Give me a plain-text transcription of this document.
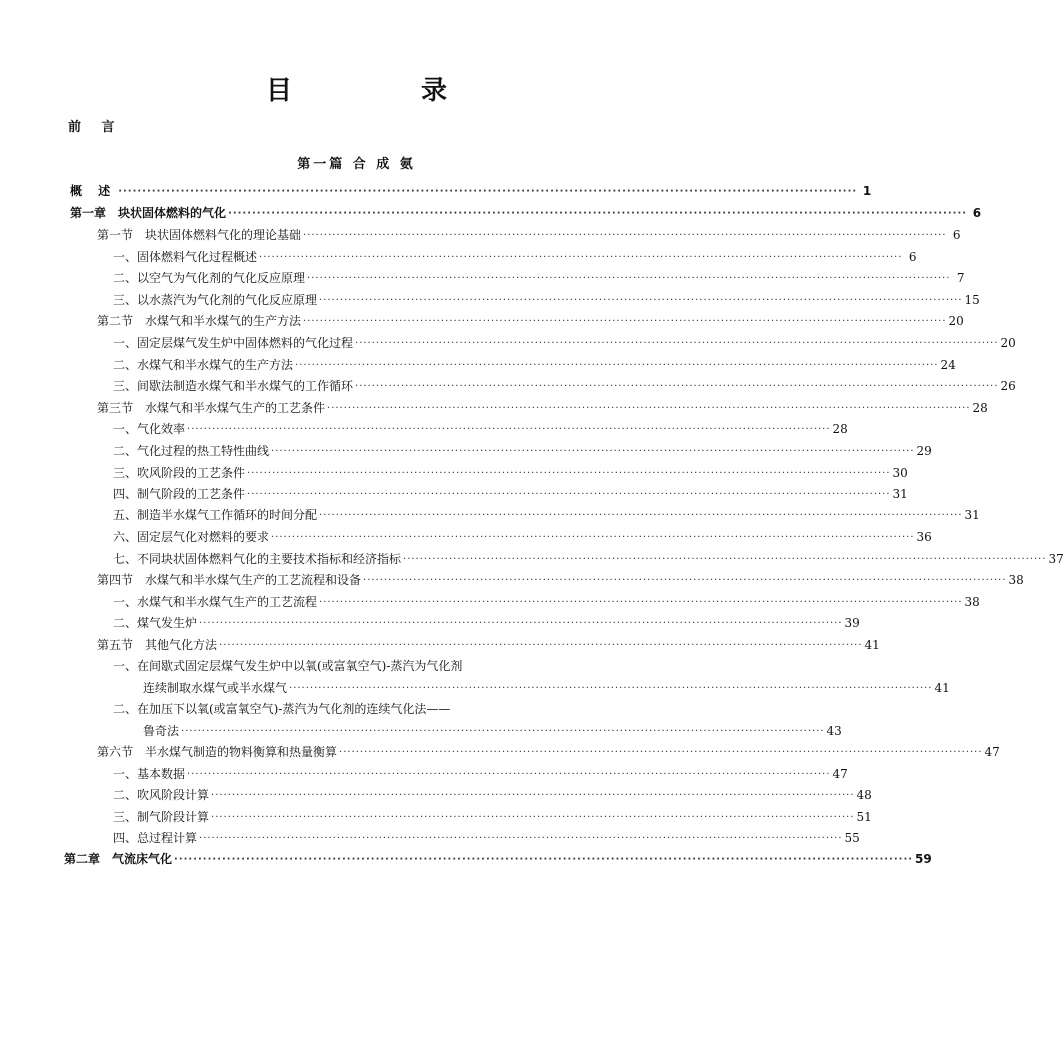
目 录
前 言
第一篇 合 成 氨
概 述 ·························································································································································· 1
第一章　块状固体燃料的气化 ·························································································································································· 6
第一节　块状固体燃料气化的理论基础 ·························································································································································· 6
一、固体燃料气化过程概述 ·························································································································································· 6
二、以空气为气化剂的气化反应原理 ·························································································································································· 7
三、以水蒸汽为气化剂的气化反应原理 ·························································································································································· 15
第二节　水煤气和半水煤气的生产方法 ·························································································································································· 20
一、固定层煤气发生炉中固体燃料的气化过程 ·························································································································································· 20
二、水煤气和半水煤气的生产方法 ·························································································································································· 24
三、间歇法制造水煤气和半水煤气的工作循环 ·························································································································································· 26
第三节　水煤气和半水煤气生产的工艺条件 ·························································································································································· 28
一、气化效率 ·························································································································································· 28
二、气化过程的热工特性曲线 ·························································································································································· 29
三、吹风阶段的工艺条件 ·························································································································································· 30
四、制气阶段的工艺条件 ·························································································································································· 31
五、制造半水煤气工作循环的时间分配 ·························································································································································· 31
六、固定层气化对燃料的要求 ·························································································································································· 36
七、不同块状固体燃料气化的主要技术指标和经济指标 ·························································································································································· 37
第四节　水煤气和半水煤气生产的工艺流程和设备 ·························································································································································· 38
一、水煤气和半水煤气生产的工艺流程 ·························································································································································· 38
二、煤气发生炉 ·························································································································································· 39
第五节　其他气化方法 ·························································································································································· 41
一、在间歇式固定层煤气发生炉中以氧(或富氧空气)-蒸汽为气化剂
连续制取水煤气或半水煤气 ·························································································································································· 41
二、在加压下以氧(或富氧空气)-蒸汽为气化剂的连续气化法——
鲁奇法 ·························································································································································· 43
第六节　半水煤气制造的物料衡算和热量衡算 ·························································································································································· 47
一、基本数据 ·························································································································································· 47
二、吹风阶段计算 ·························································································································································· 48
三、制气阶段计算 ·························································································································································· 51
四、总过程计算 ·························································································································································· 55
第二章　气流床气化 ·························································································································································· 59
